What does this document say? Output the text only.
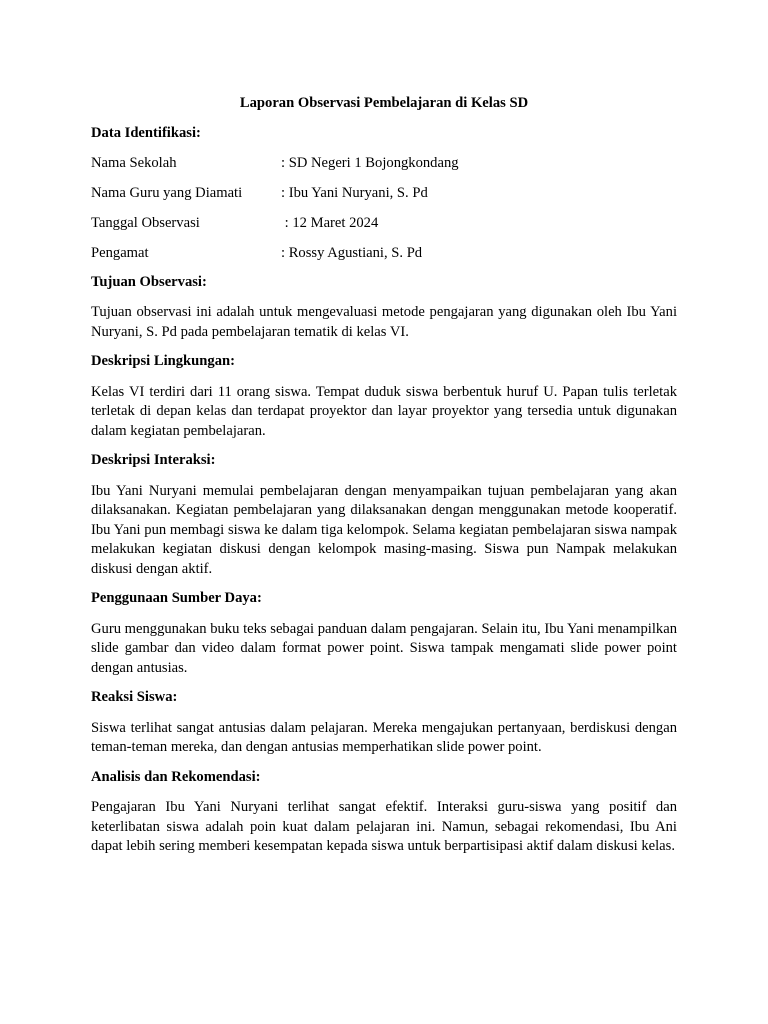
Laporan Observasi Pembelajaran di Kelas SD

Data Identifikasi:

Nama Sekolah	: SD Negeri 1 Bojongkondang
Nama Guru yang Diamati	: Ibu Yani Nuryani, S. Pd
Tanggal Observasi	: 12 Maret 2024
Pengamat	: Rossy Agustiani, S. Pd

Tujuan Observasi:

Tujuan observasi ini adalah untuk mengevaluasi metode pengajaran yang digunakan oleh Ibu Yani Nuryani, S. Pd pada pembelajaran tematik di kelas VI.

Deskripsi Lingkungan:

Kelas VI terdiri dari 11 orang siswa. Tempat duduk siswa berbentuk huruf U. Papan tulis terletak terletak di depan kelas dan terdapat proyektor dan layar proyektor yang tersedia untuk digunakan dalam kegiatan pembelajaran.

Deskripsi Interaksi:

Ibu Yani Nuryani memulai pembelajaran dengan menyampaikan tujuan pembelajaran yang akan dilaksanakan. Kegiatan pembelajaran yang dilaksanakan dengan menggunakan metode kooperatif. Ibu Yani pun membagi siswa ke dalam tiga kelompok. Selama kegiatan pembelajaran siswa nampak melakukan kegiatan diskusi dengan kelompok masing-masing. Siswa pun Nampak melakukan diskusi dengan aktif.

Penggunaan Sumber Daya:

Guru menggunakan buku teks sebagai panduan dalam pengajaran. Selain itu, Ibu Yani menampilkan slide gambar dan video dalam format power point. Siswa tampak mengamati slide power point dengan antusias.

Reaksi Siswa:

Siswa terlihat sangat antusias dalam pelajaran. Mereka mengajukan pertanyaan, berdiskusi dengan teman-teman mereka, dan dengan antusias memperhatikan slide power point.

Analisis dan Rekomendasi:

Pengajaran Ibu Yani Nuryani terlihat sangat efektif. Interaksi guru-siswa yang positif dan keterlibatan siswa adalah poin kuat dalam pelajaran ini. Namun, sebagai rekomendasi, Ibu Ani dapat lebih sering memberi kesempatan kepada siswa untuk berpartisipasi aktif dalam diskusi kelas.
